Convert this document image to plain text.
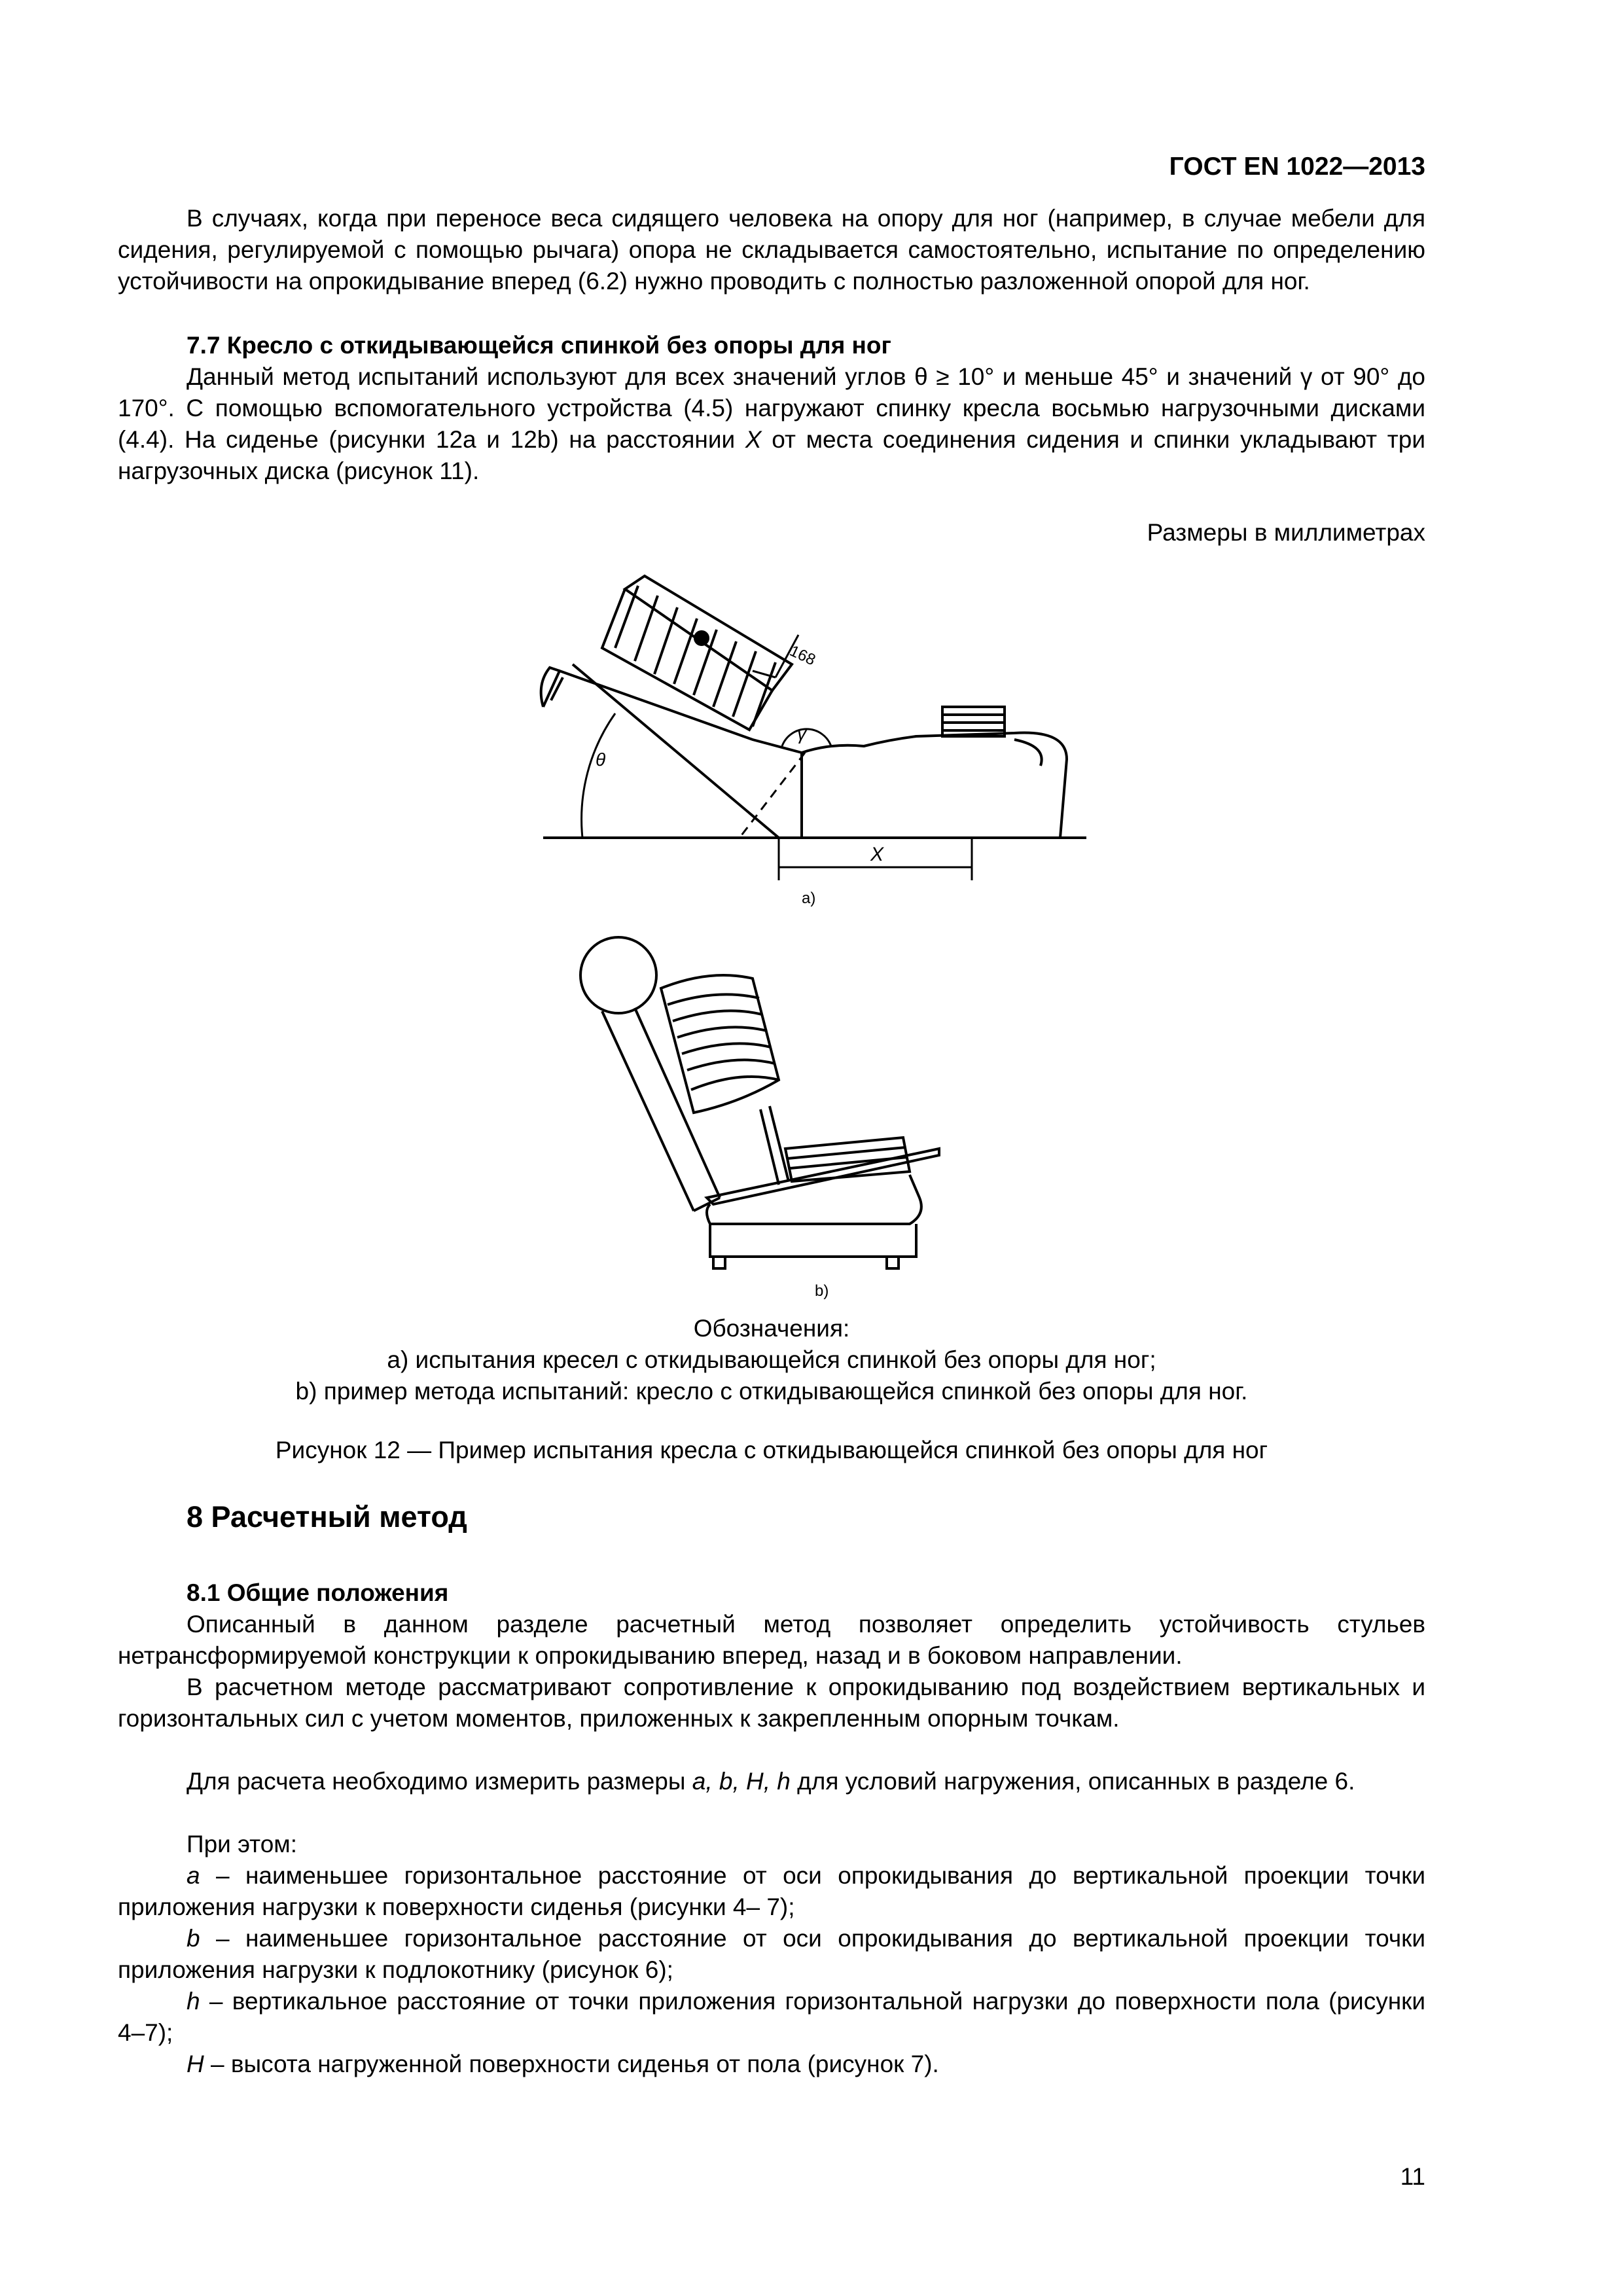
ГОСТ EN 1022—2013

В случаях, когда при переносе веса сидящего человека на опору для ног (например, в случае мебели для сидения, регулируемой с помощью рычага) опора не складывается самостоятельно, испытание по определению устойчивости на опрокидывание вперед (6.2) нужно проводить с полностью разложенной опорой для ног.

7.7 Кресло с откидывающейся спинкой без опоры для ног

Данный метод испытаний используют для всех значений углов θ ≥ 10° и меньше 45° и значений γ от 90° до 170°. С помощью вспомогательного устройства (4.5) нагружают спинку кресла восьмью нагрузочными дисками (4.4). На сиденье (рисунки 12а и 12b) на расстоянии X от места соединения сидения и спинки укладывают три нагрузочных диска (рисунок 11).

Размеры в миллиметрах
168
γ
θ
X
a)
b)
Обозначения:
а) испытания кресел с откидывающейся спинкой без опоры для ног;
b) пример метода испытаний: кресло с откидывающейся спинкой без опоры для ног.
Рисунок 12 — Пример испытания кресла с откидывающейся спинкой без опоры для ног

8 Расчетный метод

8.1 Общие положения

Описанный в данном разделе расчетный метод позволяет определить устойчивость стульев нетрансформируемой конструкции к опрокидыванию вперед, назад и в боковом направлении.

В расчетном методе рассматривают сопротивление к опрокидыванию под воздействием вертикальных и горизонтальных сил с учетом моментов, приложенных к закрепленным опорным точкам.

Для расчета необходимо измерить размеры a, b, H, h для условий нагружения, описанных в разделе 6.

При этом:

a – наименьшее горизонтальное расстояние от оси опрокидывания до вертикальной проекции точки приложения нагрузки к поверхности сиденья (рисунки 4– 7);

b – наименьшее горизонтальное расстояние от оси опрокидывания до вертикальной проекции точки приложения нагрузки к подлокотнику (рисунок 6);

h – вертикальное расстояние от точки приложения горизонтальной нагрузки до поверхности пола (рисунки 4–7);

H – высота нагруженной поверхности сиденья от пола (рисунок 7).

11
